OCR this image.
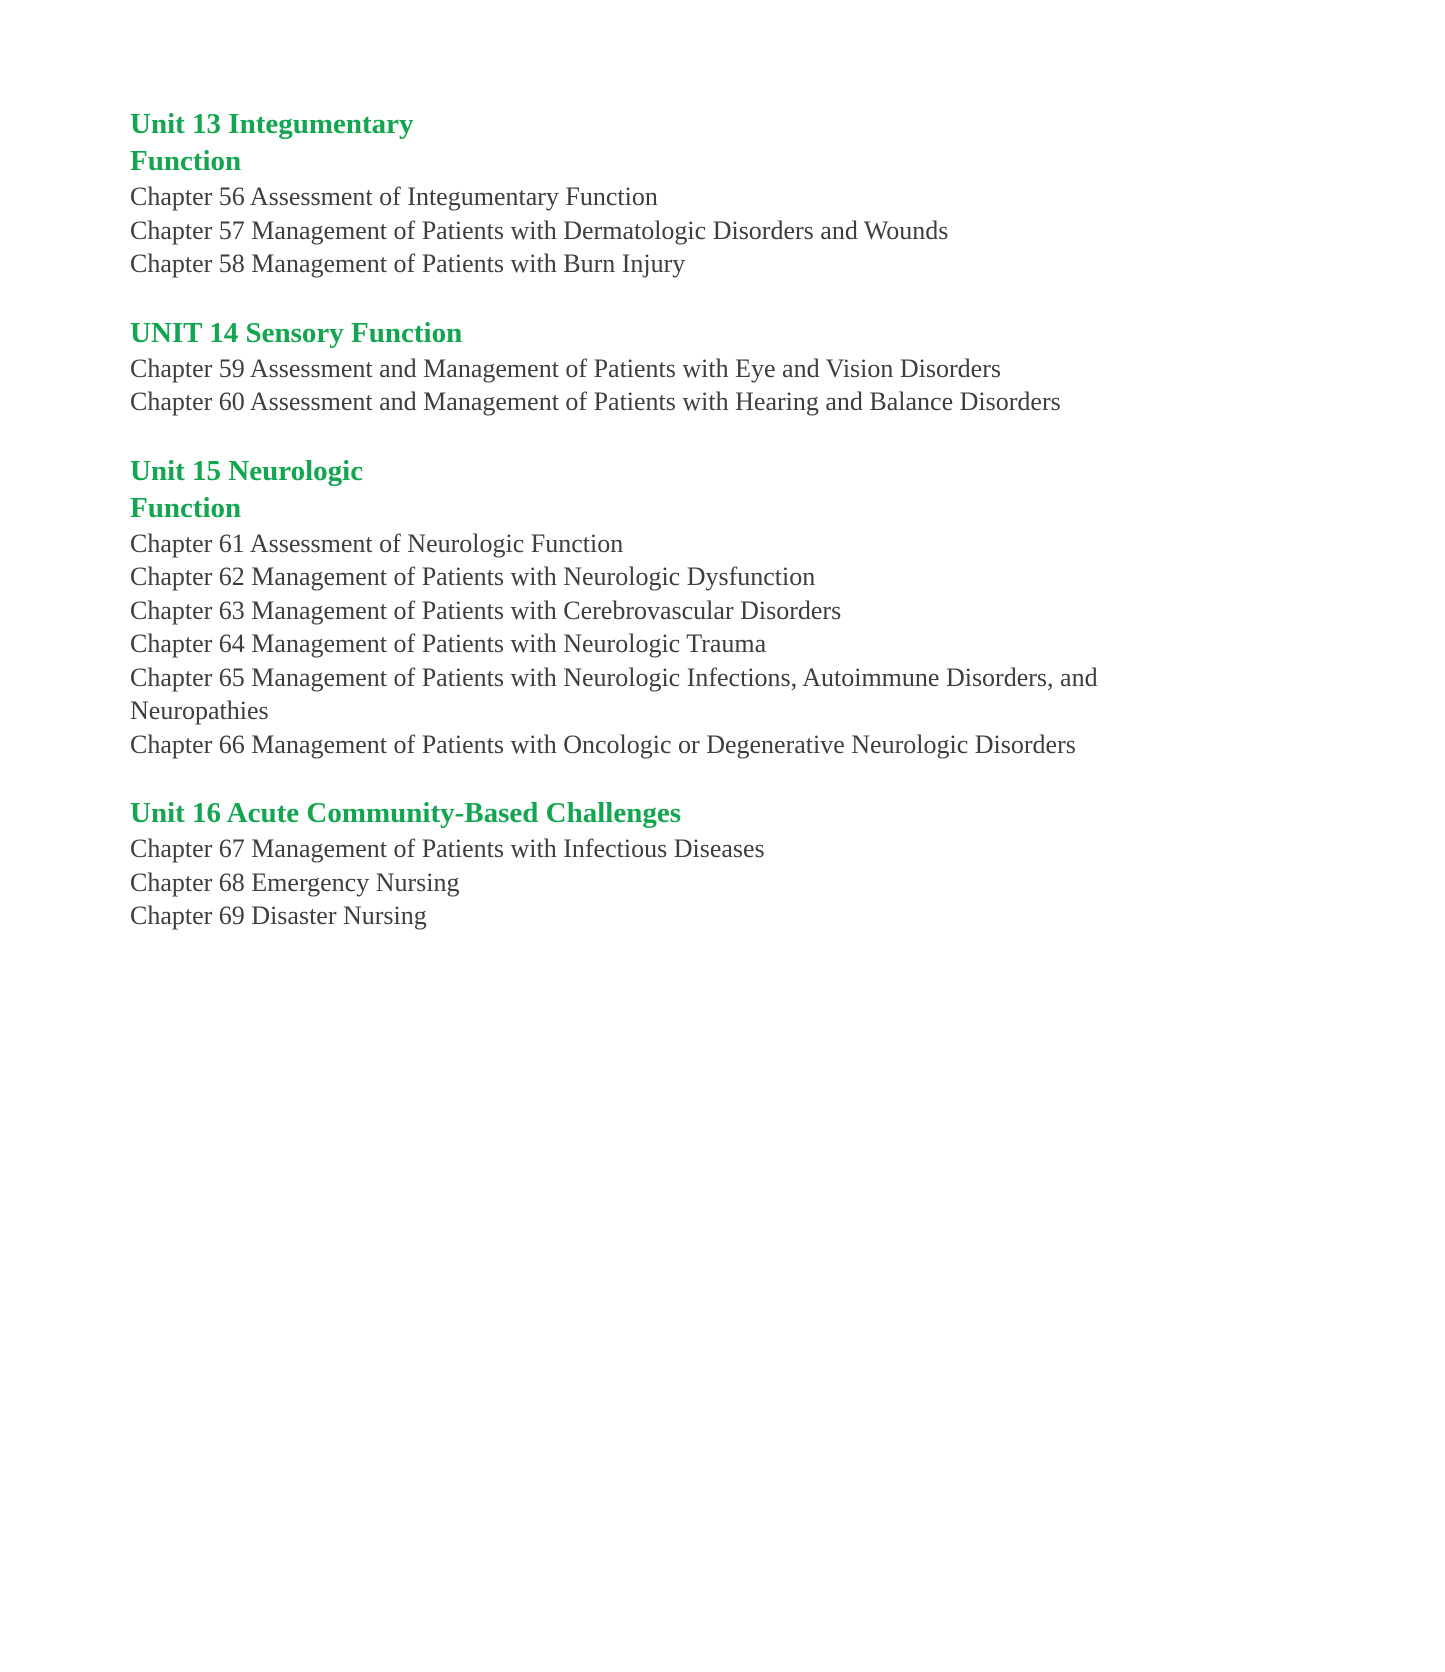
Unit 13 Integumentary
Function

Chapter 56 Assessment of Integumentary Function

Chapter 57 Management of Patients with Dermatologic Disorders and Wounds

Chapter 58 Management of Patients with Burn Injury

UNIT 14 Sensory Function

Chapter 59 Assessment and Management of Patients with Eye and Vision Disorders

Chapter 60 Assessment and Management of Patients with Hearing and Balance Disorders

Unit 15 Neurologic
Function

Chapter 61 Assessment of Neurologic Function

Chapter 62 Management of Patients with Neurologic Dysfunction

Chapter 63 Management of Patients with Cerebrovascular Disorders

Chapter 64 Management of Patients with Neurologic Trauma

Chapter 65 Management of Patients with Neurologic Infections, Autoimmune Disorders, and Neuropathies

Chapter 66 Management of Patients with Oncologic or Degenerative Neurologic Disorders

Unit 16 Acute Community-Based Challenges

Chapter 67 Management of Patients with Infectious Diseases

Chapter 68 Emergency Nursing

Chapter 69 Disaster Nursing
